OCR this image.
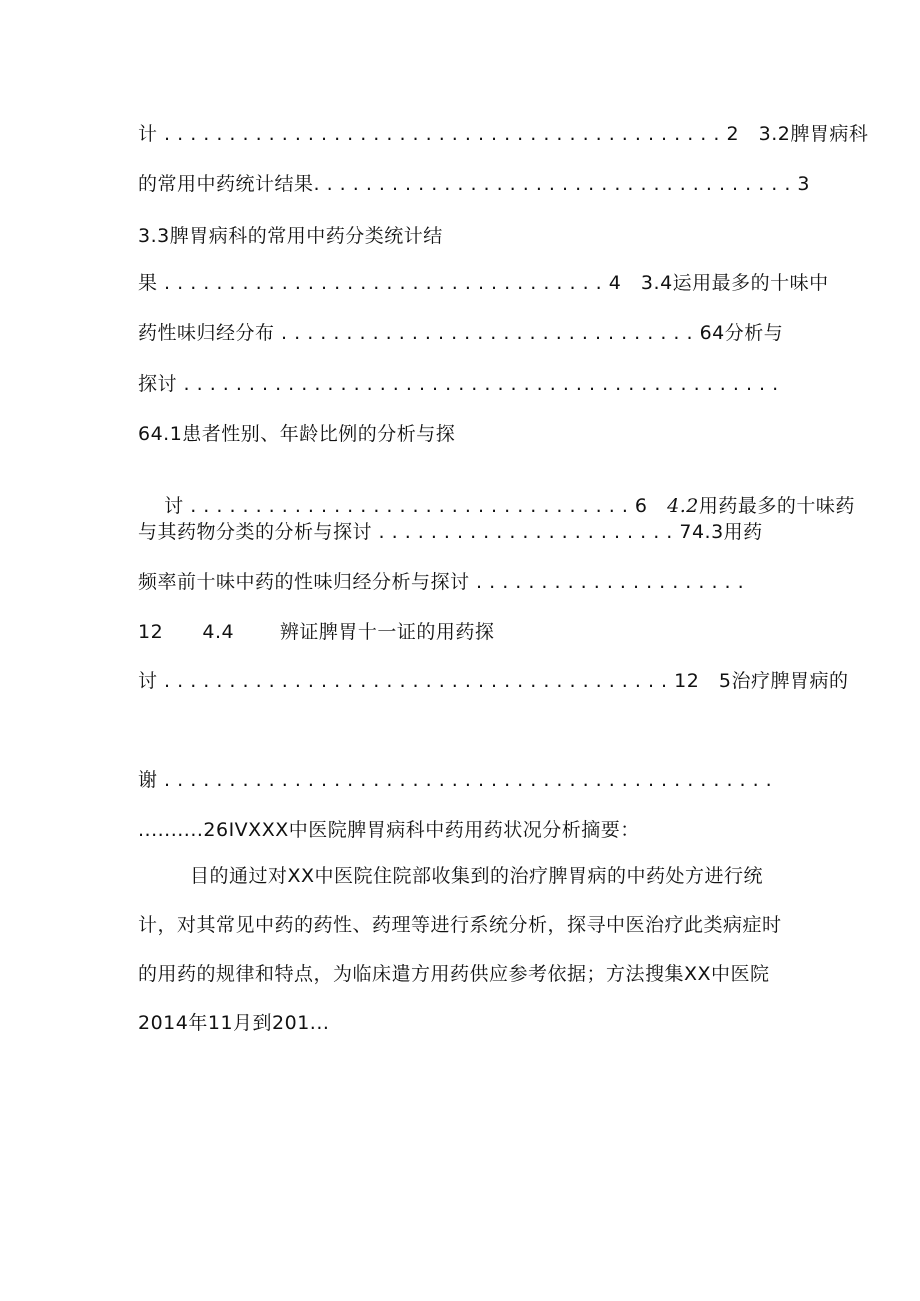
计 . . . . . . . . . . . . . . . . . . . . . . . . . . . . . . . . . . . . . . . . . . . 2   3.2脾胃病科
的常用中药统计结果. . . . . . . . . . . . . . . . . . . . . . . . . . . . . . . . . . . . . 3
3.3脾胃病科的常用中药分类统计结
果 . . . . . . . . . . . . . . . . . . . . . . . . . . . . . . . . . . 4   3.4运用最多的十味中
药性味归经分布 . . . . . . . . . . . . . . . . . . . . . . . . . . . . . . . . 64分析与
探讨 . . . . . . . . . . . . . . . . . . . . . . . . . . . . . . . . . . . . . . . . . . . . . .
64.1患者性别、年龄比例的分析与探

讨 . . . . . . . . . . . . . . . . . . . . . . . . . . . . . . . . . . 6 4.2用药最多的十味药

与其药物分类的分析与探讨 . . . . . . . . . . . . . . . . . . . . . . . 74.3用药
频率前十味中药的性味归经分析与探讨 . . . . . . . . . . . . . . . . . . . . .
12      4.4       辨证脾胃十一证的用药探
讨 . . . . . . . . . . . . . . . . . . . . . . . . . . . . . . . . . . . . . . . 12   5治疗脾胃病的
谢 . . . . . . . . . . . . . . . . . . . . . . . . . . . . . . . . . . . . . . . . . . . . . . .
..........26IVXXX中医院脾胃病科中药用药状况分析摘要：
目的通过对XX中医院住院部收集到的治疗脾胃病的中药处方进行统计，对其常见中药的药性、药理等进行系统分析，探寻中医治疗此类病症时的用药的规律和特点，为临床遣方用药供应参考依据；方法搜集XX中医院2014年11月到201...
